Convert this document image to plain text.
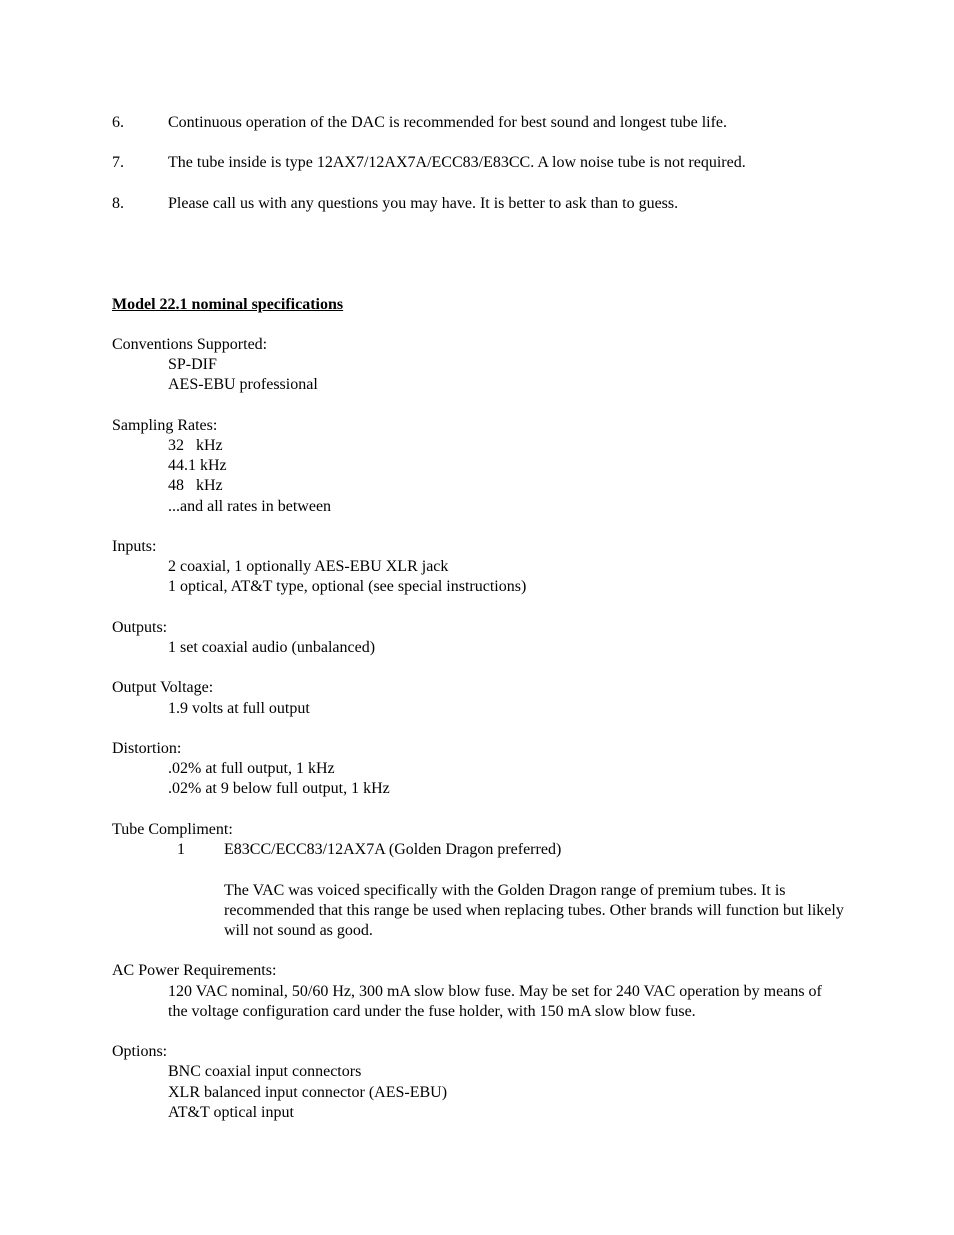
6.	Continuous operation of the DAC is recommended for best sound and longest tube life.
7.	The tube inside is type 12AX7/12AX7A/ECC83/E83CC. A low noise tube is not required.
8.	Please call us with any questions you may have. It is better to ask than to guess.
Model 22.1 nominal specifications
Conventions Supported:
SP-DIF
AES-EBU professional
Sampling Rates:
32   kHz
44.1 kHz
48   kHz
...and all rates in between
Inputs:
2 coaxial, 1 optionally AES-EBU XLR jack
1 optical, AT&T type, optional (see special instructions)
Outputs:
1 set coaxial audio (unbalanced)
Output Voltage:
1.9 volts at full output
Distortion:
.02% at full output, 1 kHz
.02% at 9 below full output, 1 kHz
Tube Compliment:
1 E83CC/ECC83/12AX7A (Golden Dragon preferred)
The VAC was voiced specifically with the Golden Dragon range of premium tubes. It is recommended that this range be used when replacing tubes. Other brands will function but likely will not sound as good.
AC Power Requirements:
120 VAC nominal, 50/60 Hz, 300 mA slow blow fuse. May be set for 240 VAC operation by means of the voltage configuration card under the fuse holder, with 150 mA slow blow fuse.
Options:
BNC coaxial input connectors
XLR balanced input connector (AES-EBU)
AT&T optical input
